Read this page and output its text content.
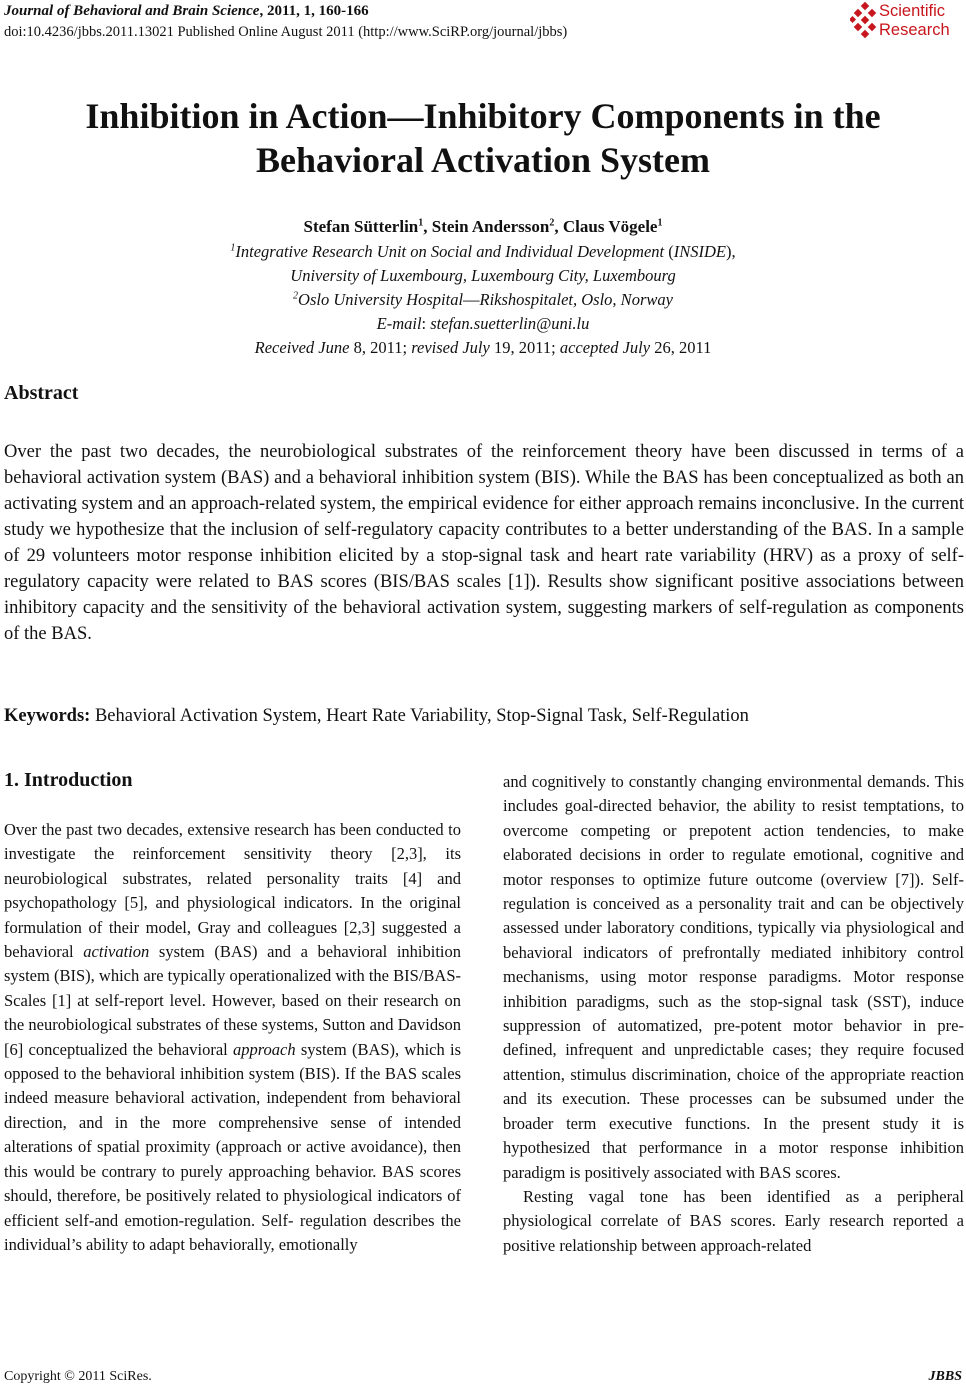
Journal of Behavioral and Brain Science, 2011, 1, 160-166
doi:10.4236/jbbs.2011.13021 Published Online August 2011 (http://www.SciRP.org/journal/jbbs)
Scientific
Research
Inhibition in Action―Inhibitory Components in the
Behavioral Activation System
Stefan Sütterlin$^1$, Stein Andersson$^2$, Claus Vögele$^1$
$^1$Integrative Research Unit on Social and Individual Development (INSIDE),
University of Luxembourg, Luxembourg City, Luxembourg
$^2$Oslo University Hospital―Rikshospitalet, Oslo, Norway
E-mail: stefan.suetterlin@uni.lu
Received June 8, 2011; revised July 19, 2011; accepted July 26, 2011
Abstract
Over the past two decades, the neurobiological substrates of the reinforcement theory have been discussed in terms of a behavioral activation system (BAS) and a behavioral inhibition system (BIS). While the BAS has been conceptualized as both an activating system and an approach-related system, the empirical evidence for either approach remains inconclusive. In the current study we hypothesize that the inclusion of self-regulatory capacity contributes to a better understanding of the BAS. In a sample of 29 volunteers motor response inhibition elicited by a stop-signal task and heart rate variability (HRV) as a proxy of self-regulatory capacity were related to BAS scores (BIS/BAS scales [1]). Results show significant positive associations between inhibitory capacity and the sensitivity of the behavioral activation system, suggesting markers of self-regulation as components of the BAS.
Keywords: Behavioral Activation System, Heart Rate Variability, Stop-Signal Task, Self-Regulation
1. Introduction
Over the past two decades, extensive research has been conducted to investigate the reinforcement sensitivity theory [2,3], its neurobiological substrates, related personality traits [4] and psychopathology [5], and physiological indicators. In the original formulation of their model, Gray and colleagues [2,3] suggested a behavioral activation system (BAS) and a behavioral inhibition system (BIS), which are typically operationalized with the BIS/BAS-Scales [1] at self-report level. However, based on their research on the neurobiological substrates of these systems, Sutton and Davidson [6] conceptualized the behavioral approach system (BAS), which is opposed to the behavioral inhibition system (BIS). If the BAS scales indeed measure behavioral activation, independent from behavioral direction, and in the more comprehensive sense of intended alterations of spatial proximity (approach or active avoidance), then this would be contrary to purely approaching behavior. BAS scores should, therefore, be positively related to physiological indicators of efficient self-and emotion-regulation. Self- regulation describes the individual’s ability to adapt behaviorally, emotionally

and cognitively to constantly changing environmental demands. This includes goal-directed behavior, the ability to resist temptations, to overcome competing or prepotent action tendencies, to make elaborated decisions in order to regulate emotional, cognitive and motor responses to optimize future outcome (overview [7]). Self-regulation is conceived as a personality trait and can be objectively assessed under laboratory conditions, typically via physiological and behavioral indicators of prefrontally mediated inhibitory control mechanisms, using motor response paradigms. Motor response inhibition paradigms, such as the stop-signal task (SST), induce suppression of automatized, pre-potent motor behavior in pre-defined, infrequent and unpredictable cases; they require focused attention, stimulus discrimination, choice of the appropriate reaction and its execution. These processes can be subsumed under the broader term executive functions. In the present study it is hypothesized that performance in a motor response inhibition paradigm is positively associated with BAS scores.

Resting vagal tone has been identified as a peripheral physiological correlate of BAS scores. Early research reported a positive relationship between approach-related

Copyright © 2011 SciRes.	JBBS
